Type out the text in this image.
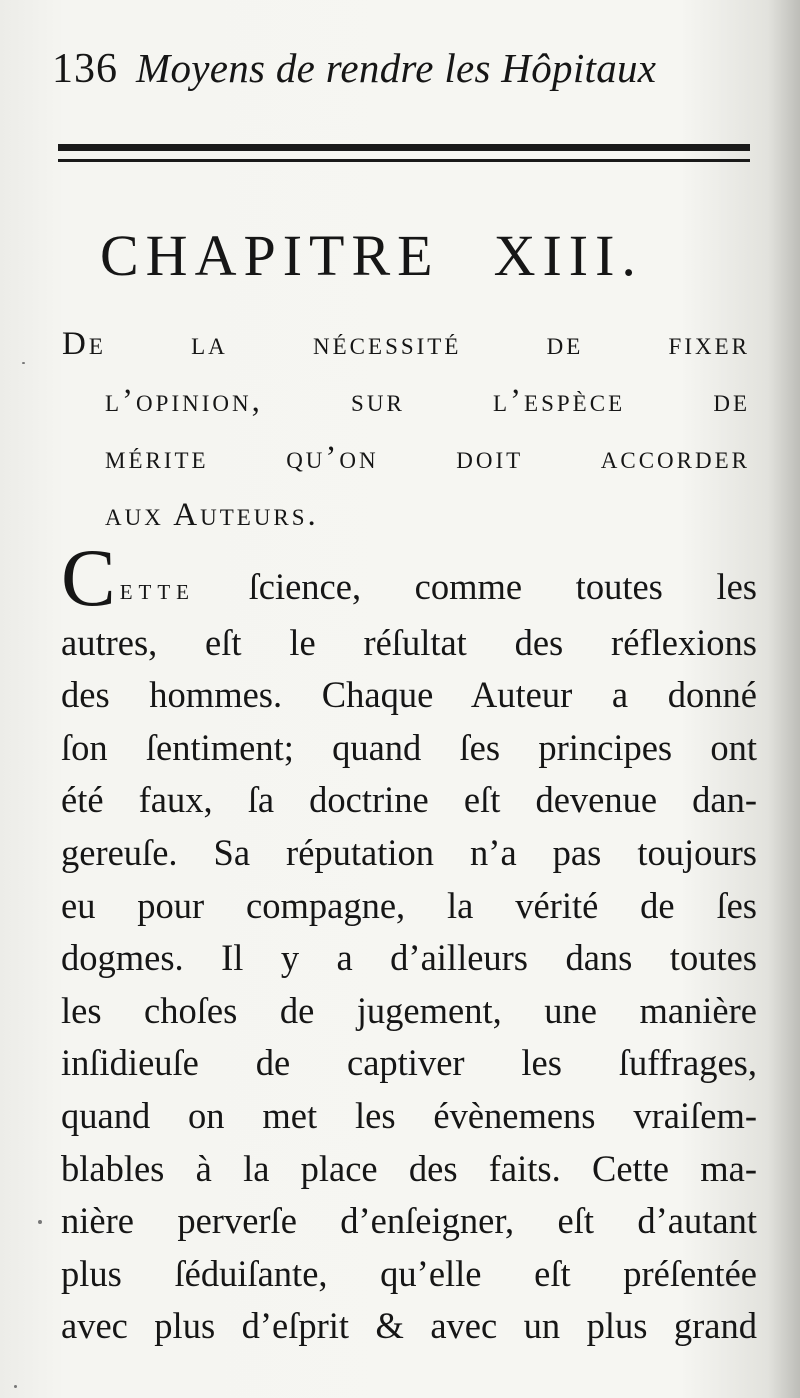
136 Moyens de rendre les Hôpitaux
CHAPITRE XIII.
De la nécessité de fixer
l’opinion, sur l’espèce de
mérite qu’on doit accorder
aux Auteurs.
Cette ſcience, comme toutes les
autres, eſt le réſultat des réflexions
des hommes. Chaque Auteur a donné
ſon ſentiment; quand ſes principes ont
été faux, ſa doctrine eſt devenue dan-
gereuſe. Sa réputation n’a pas toujours
eu pour compagne, la vérité de ſes
dogmes. Il y a d’ailleurs dans toutes
les choſes de jugement, une manière
inſidieuſe de captiver les ſuffrages,
quand on met les évènemens vraiſem-
blables à la place des faits. Cette ma-
nière perverſe d’enſeigner, eſt d’autant
plus ſéduiſante, qu’elle eſt préſentée
avec plus d’eſprit & avec un plus grand
